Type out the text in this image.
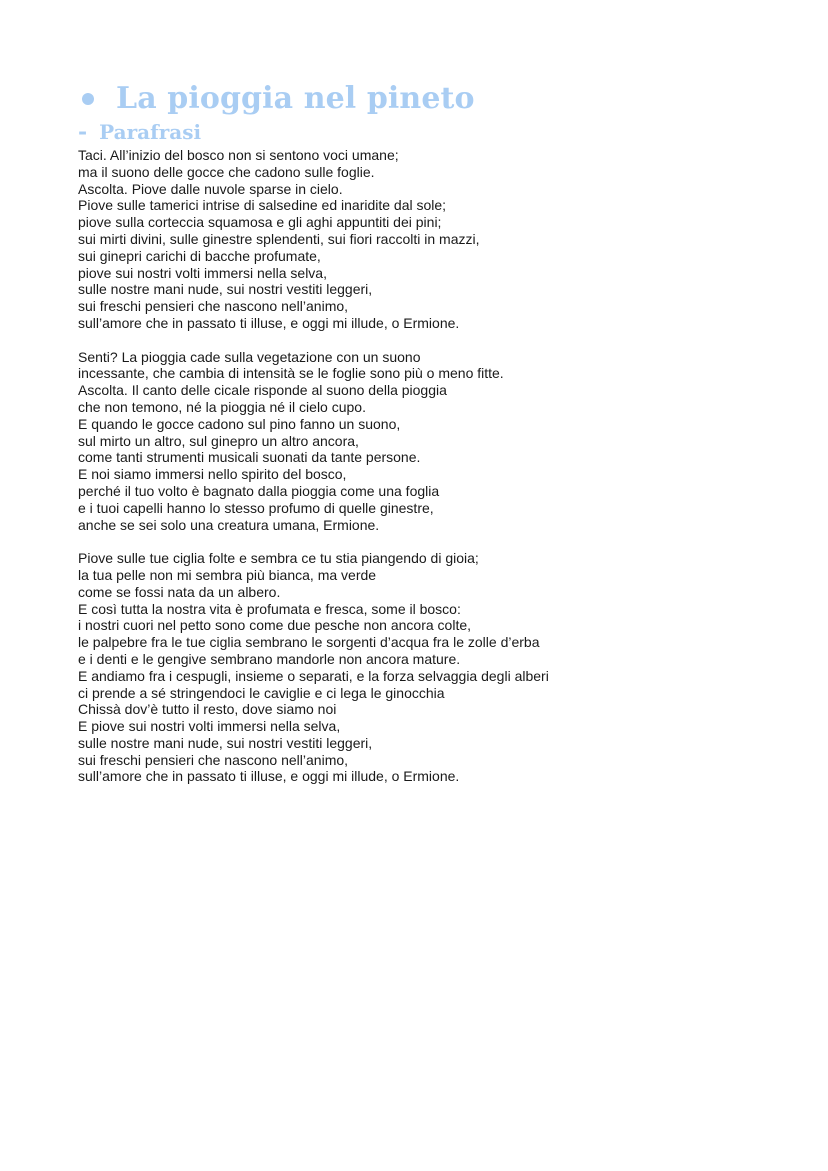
La pioggia nel pineto
- Parafrasi
Taci. All’inizio del bosco non si sentono voci umane;
ma il suono delle gocce che cadono sulle foglie.
Ascolta. Piove dalle nuvole sparse in cielo.
Piove sulle tamerici intrise di salsedine ed inaridite dal sole;
piove sulla corteccia squamosa e gli aghi appuntiti dei pini;
sui mirti divini, sulle ginestre splendenti, sui fiori raccolti in mazzi,
sui ginepri carichi di bacche profumate,
piove sui nostri volti immersi nella selva,
sulle nostre mani nude, sui nostri vestiti leggeri,
sui freschi pensieri che nascono nell’animo,
sull’amore che in passato ti illuse, e oggi mi illude, o Ermione.
Senti? La pioggia cade sulla vegetazione con un suono
incessante, che cambia di intensità se le foglie sono più o meno fitte.
Ascolta. Il canto delle cicale risponde al suono della pioggia
che non temono, né la pioggia né il cielo cupo.
E quando le gocce cadono sul pino fanno un suono,
sul mirto un altro, sul ginepro un altro ancora,
come tanti strumenti musicali suonati da tante persone.
E noi siamo immersi nello spirito del bosco,
perché il tuo volto è bagnato dalla pioggia come una foglia
e i tuoi capelli hanno lo stesso profumo di quelle ginestre,
anche se sei solo una creatura umana, Ermione.
Piove sulle tue ciglia folte e sembra ce tu stia piangendo di gioia;
la tua pelle non mi sembra più bianca, ma verde
come se fossi nata da un albero.
E così tutta la nostra vita è profumata e fresca, some il bosco:
i nostri cuori nel petto sono come due pesche non ancora colte,
le palpebre fra le tue ciglia sembrano le sorgenti d’acqua fra le zolle d’erba
e i denti e le gengive sembrano mandorle non ancora mature.
E andiamo fra i cespugli, insieme o separati, e la forza selvaggia degli alberi
ci prende a sé stringendoci le caviglie e ci lega le ginocchia
Chissà dov’è tutto il resto, dove siamo noi
E piove sui nostri volti immersi nella selva,
sulle nostre mani nude, sui nostri vestiti leggeri,
sui freschi pensieri che nascono nell’animo,
sull’amore che in passato ti illuse, e oggi mi illude, o Ermione.
